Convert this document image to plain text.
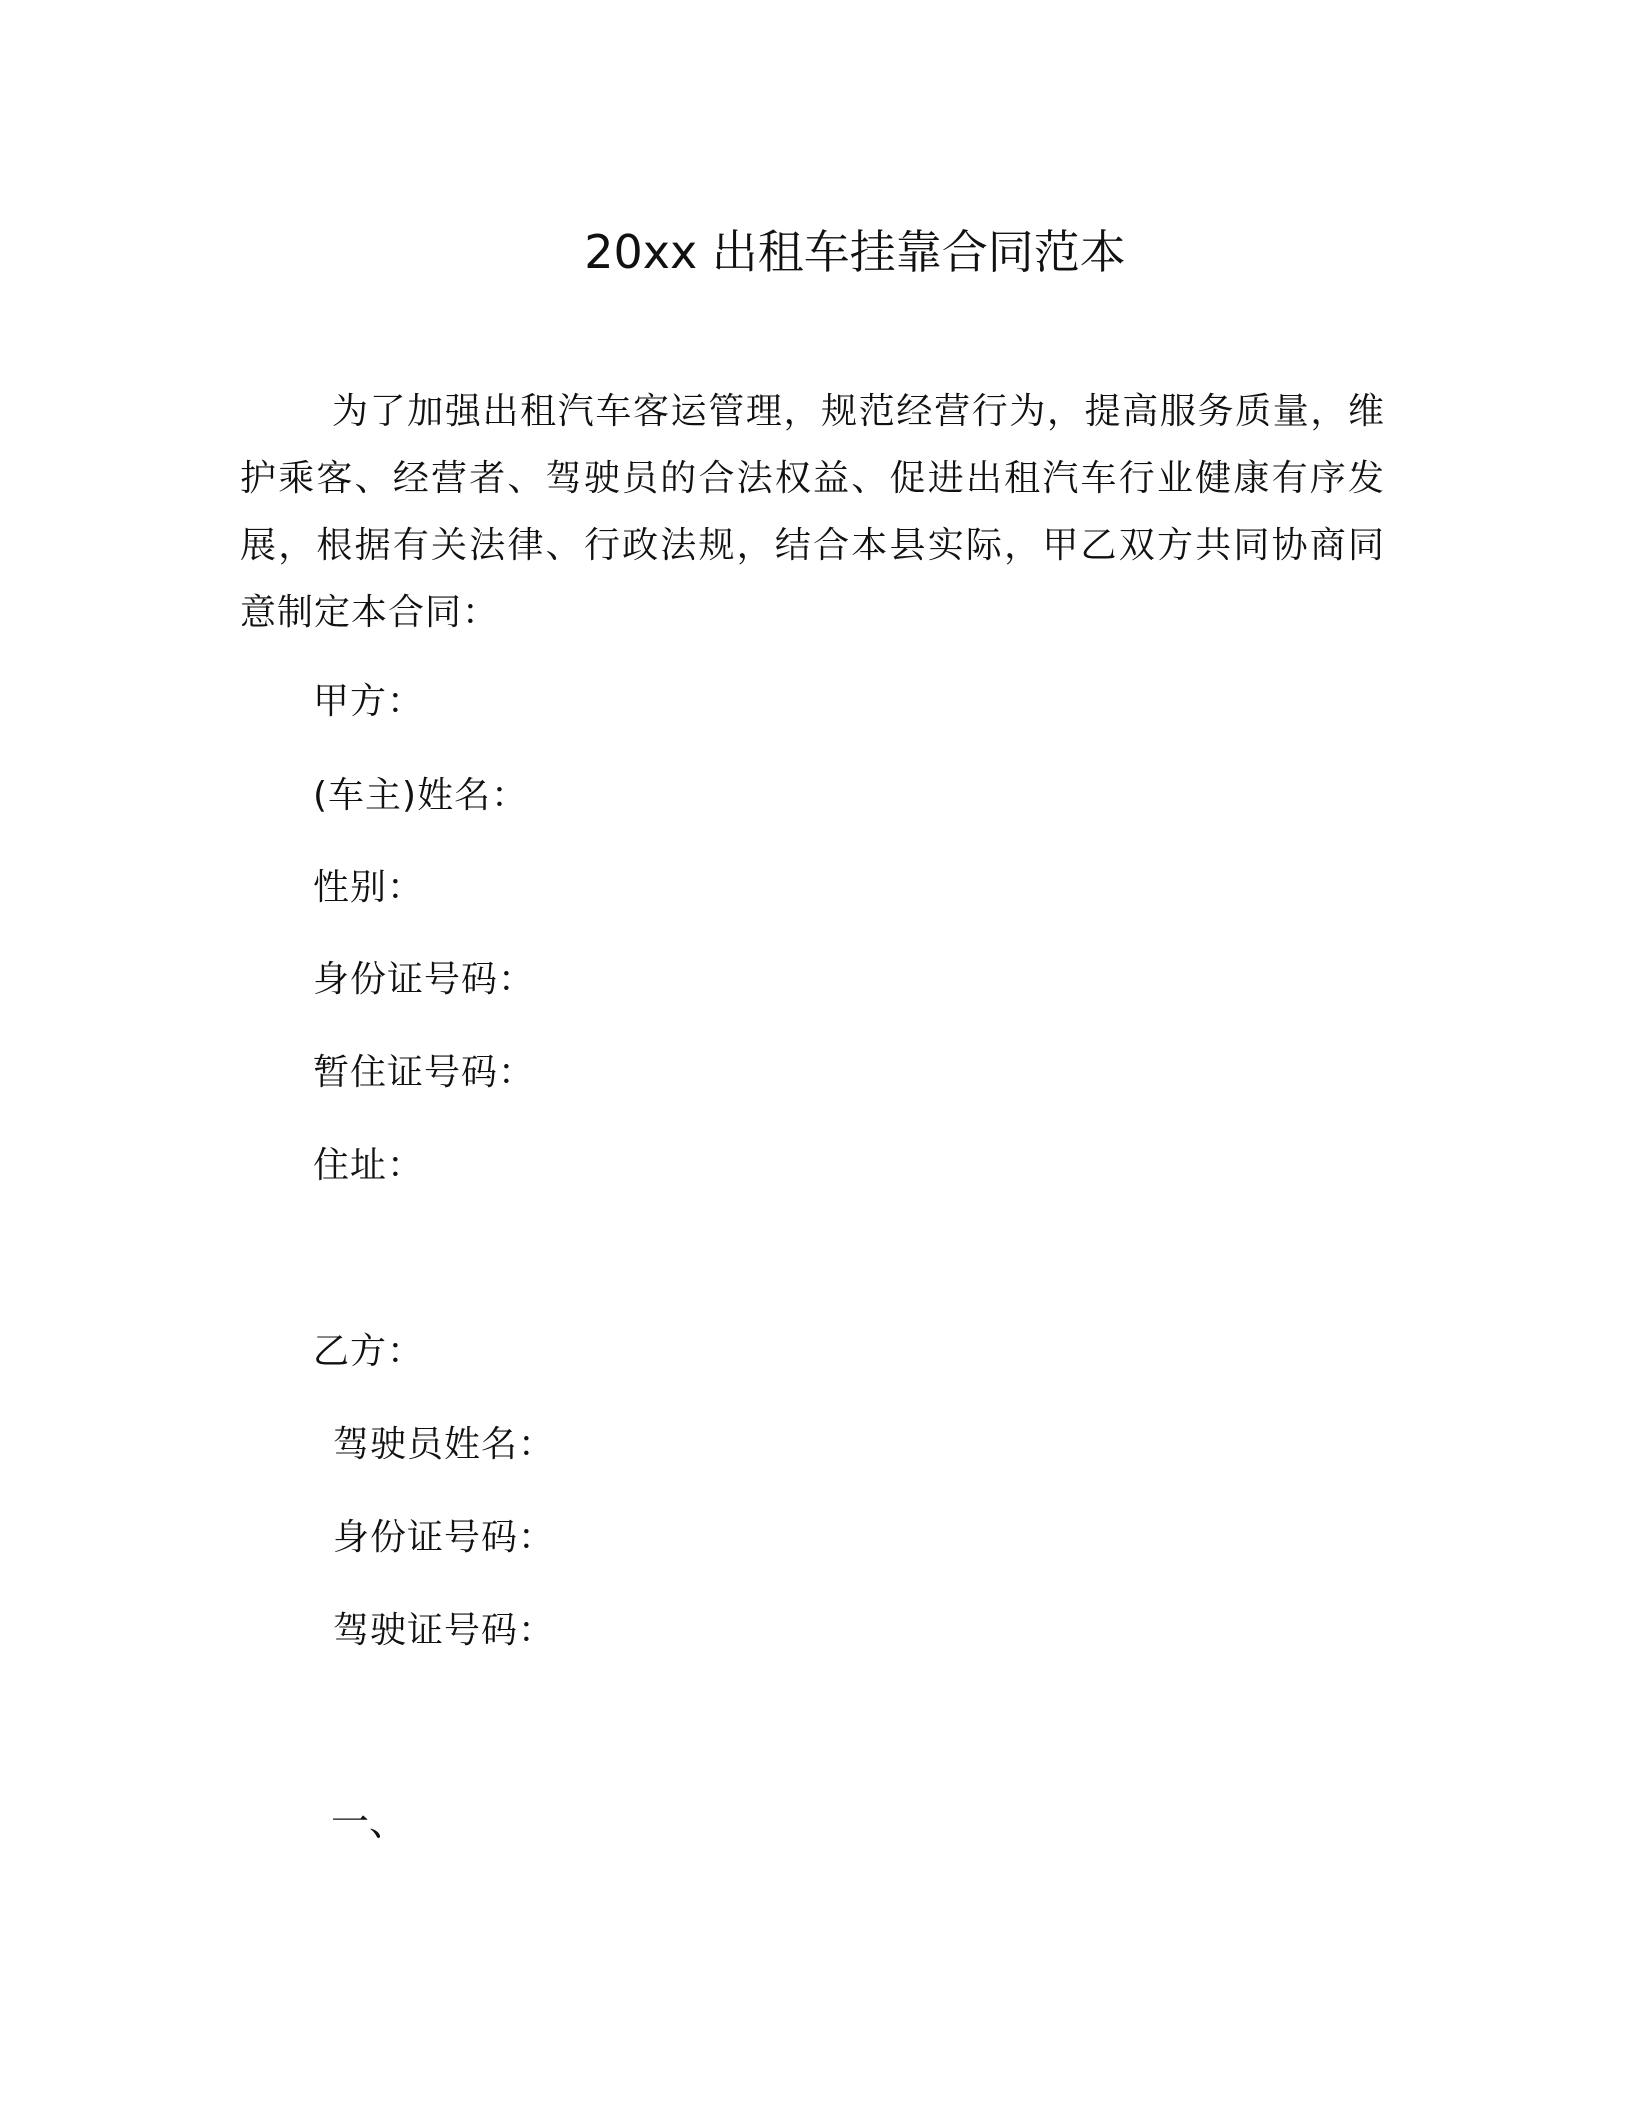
20xx 出租车挂靠合同范本
为了加强出租汽车客运管理，规范经营行为，提高服务质量，维护乘客、经营者、驾驶员的合法权益、促进出租汽车行业健康有序发展，根据有关法律、行政法规，结合本县实际，甲乙双方共同协商同意制定本合同：
甲方：
(车主)姓名：
性别：
身份证号码：
暂住证号码：
住址：
乙方：
驾驶员姓名：
身份证号码：
驾驶证号码：
一、
